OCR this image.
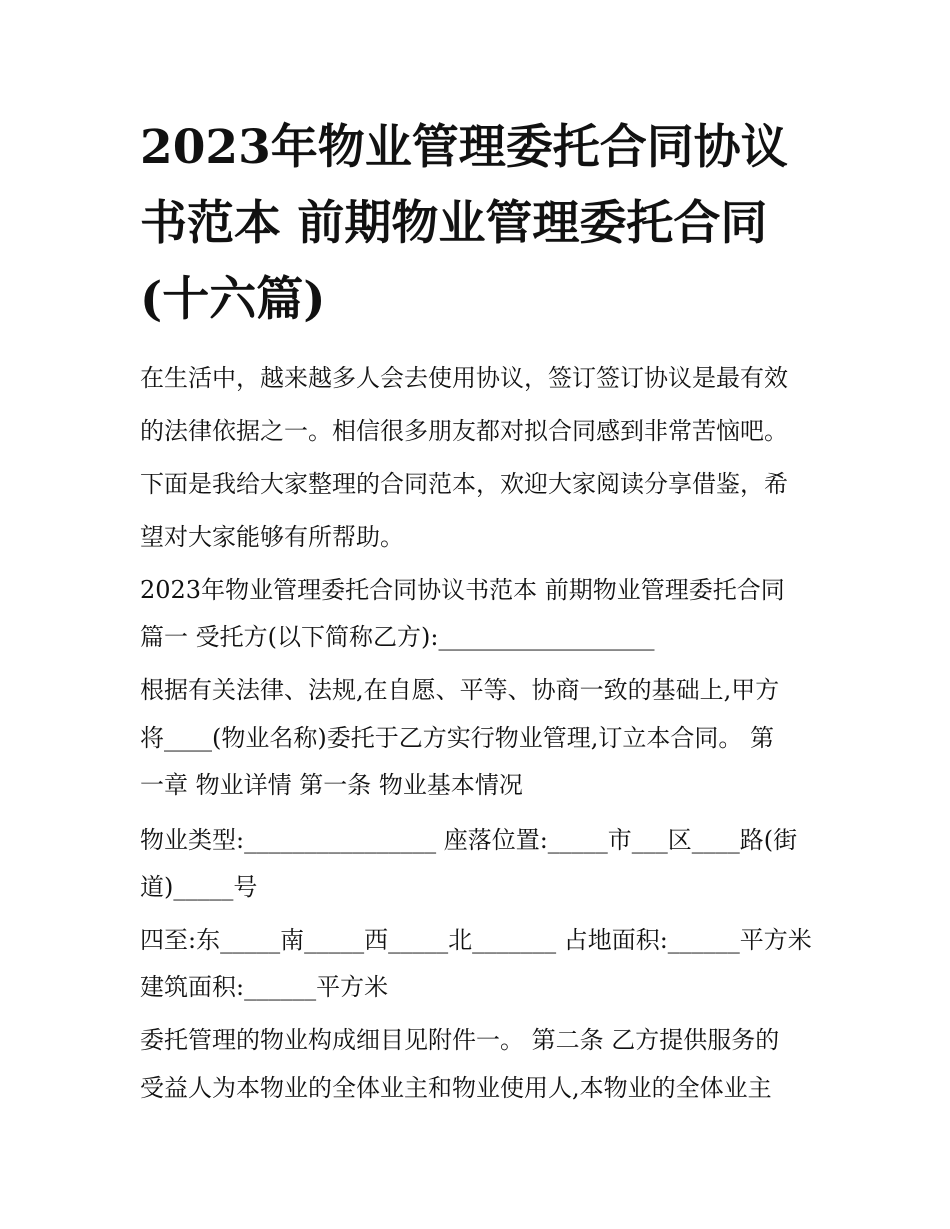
2023年物业管理委托合同协议书范本 前期物业管理委托合同(十六篇)

在生活中，越来越多人会去使用协议，签订签订协议是最有效

的法律依据之一。相信很多朋友都对拟合同感到非常苦恼吧。

下面是我给大家整理的合同范本，欢迎大家阅读分享借鉴，希

望对大家能够有所帮助。

2023年物业管理委托合同协议书范本 前期物业管理委托合同

篇一 受托方(以下简称乙方):__________________

根据有关法律、法规,在自愿、平等、协商一致的基础上,甲方

将____(物业名称)委托于乙方实行物业管理,订立本合同。 第

一章 物业详情 第一条 物业基本情况

物业类型:________________ 座落位置:_____市___区____路(街

道)_____号

四至:东_____南_____西_____北_______ 占地面积:______平方米

建筑面积:______平方米

委托管理的物业构成细目见附件一。 第二条 乙方提供服务的

受益人为本物业的全体业主和物业使用人,本物业的全体业主
